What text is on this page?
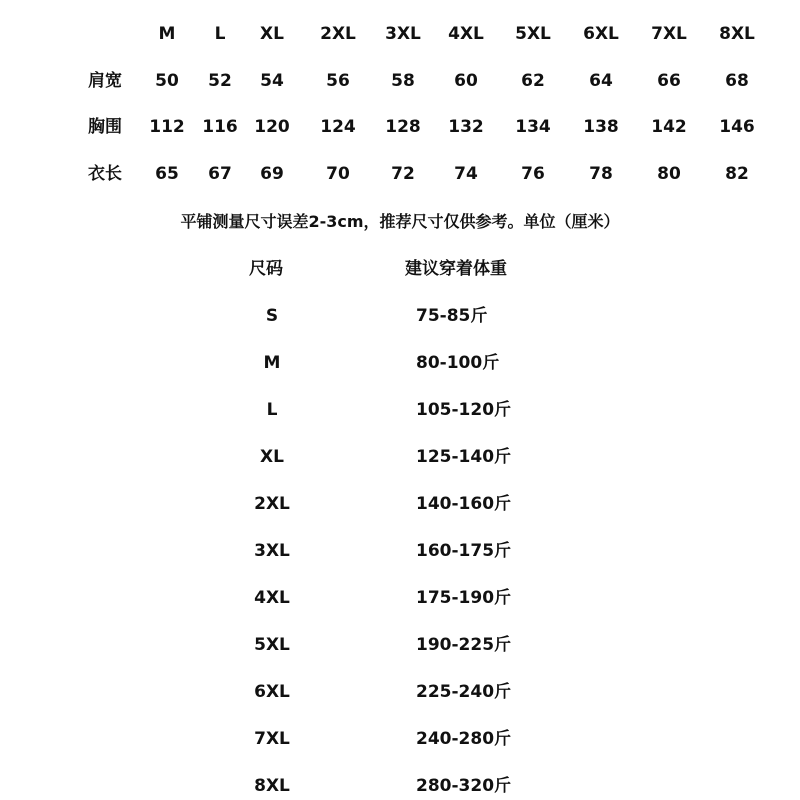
M L XL 2XL 3XL 4XL 5XL 6XL 7XL 8XL
肩宽 50 52 54 56 58 60	62	64	66	68
胸围 112 116 120 124 128 132 134 138 142 146
衣长 65 67 69 70 72 74	76	78	80	82
平铺测量尺寸误差2-3cm，推荐尺寸仅供参考。单位（厘米）
尺码	建议穿着体重
S	75-85斤
M	80-100斤
L	105-120斤
XL	125-140斤
2XL	140-160斤
3XL	160-175斤
4XL	175-190斤
5XL	190-225斤
6XL	225-240斤
7XL	240-280斤
8XL	280-320斤
